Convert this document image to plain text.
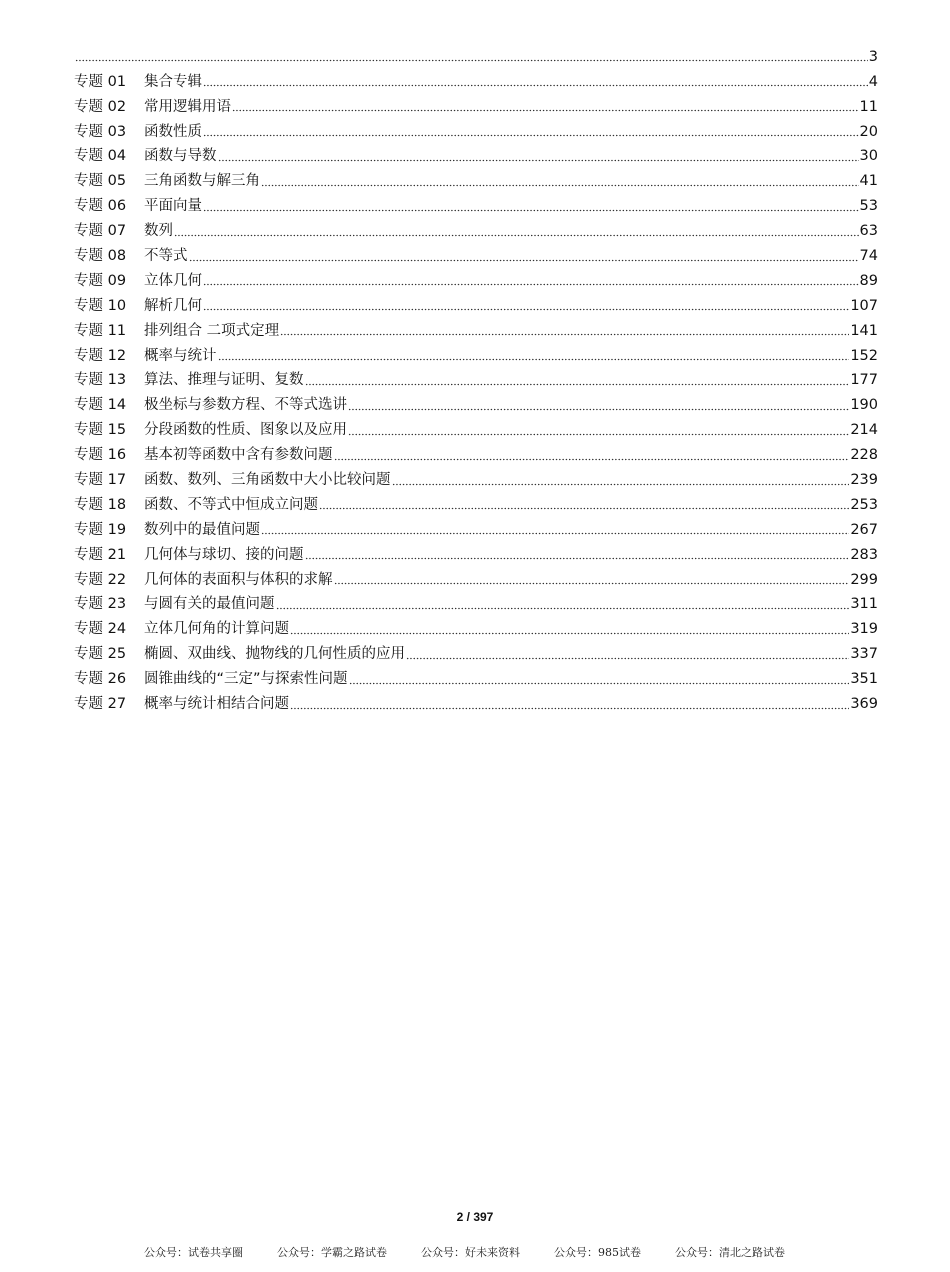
3
专题 01	集合专辑	4
专题 02	常用逻辑用语	11
专题 03	函数性质	20
专题 04	函数与导数	30
专题 05	三角函数与解三角	41
专题 06	平面向量	53
专题 07	数列	63
专题 08	不等式	74
专题 09	立体几何	89
专题 10	解析几何	107
专题 11	排列组合 二项式定理	141
专题 12	概率与统计	152
专题 13	算法、推理与证明、复数	177
专题 14	极坐标与参数方程、不等式选讲	190
专题 15	分段函数的性质、图象以及应用	214
专题 16	基本初等函数中含有参数问题	228
专题 17	函数、数列、三角函数中大小比较问题	239
专题 18	函数、不等式中恒成立问题	253
专题 19	数列中的最值问题	267
专题 21	几何体与球切、接的问题	283
专题 22	几何体的表面积与体积的求解	299
专题 23	与圆有关的最值问题	311
专题 24	立体几何角的计算问题	319
专题 25	椭圆、双曲线、抛物线的几何性质的应用	337
专题 26	圆锥曲线的“三定”与探索性问题	351
专题 27	概率与统计相结合问题	369
2 / 397
公众号：试卷共享圈	公众号：学霸之路试卷	公众号：好未来资料	公众号：985试卷	公众号：清北之路试卷
